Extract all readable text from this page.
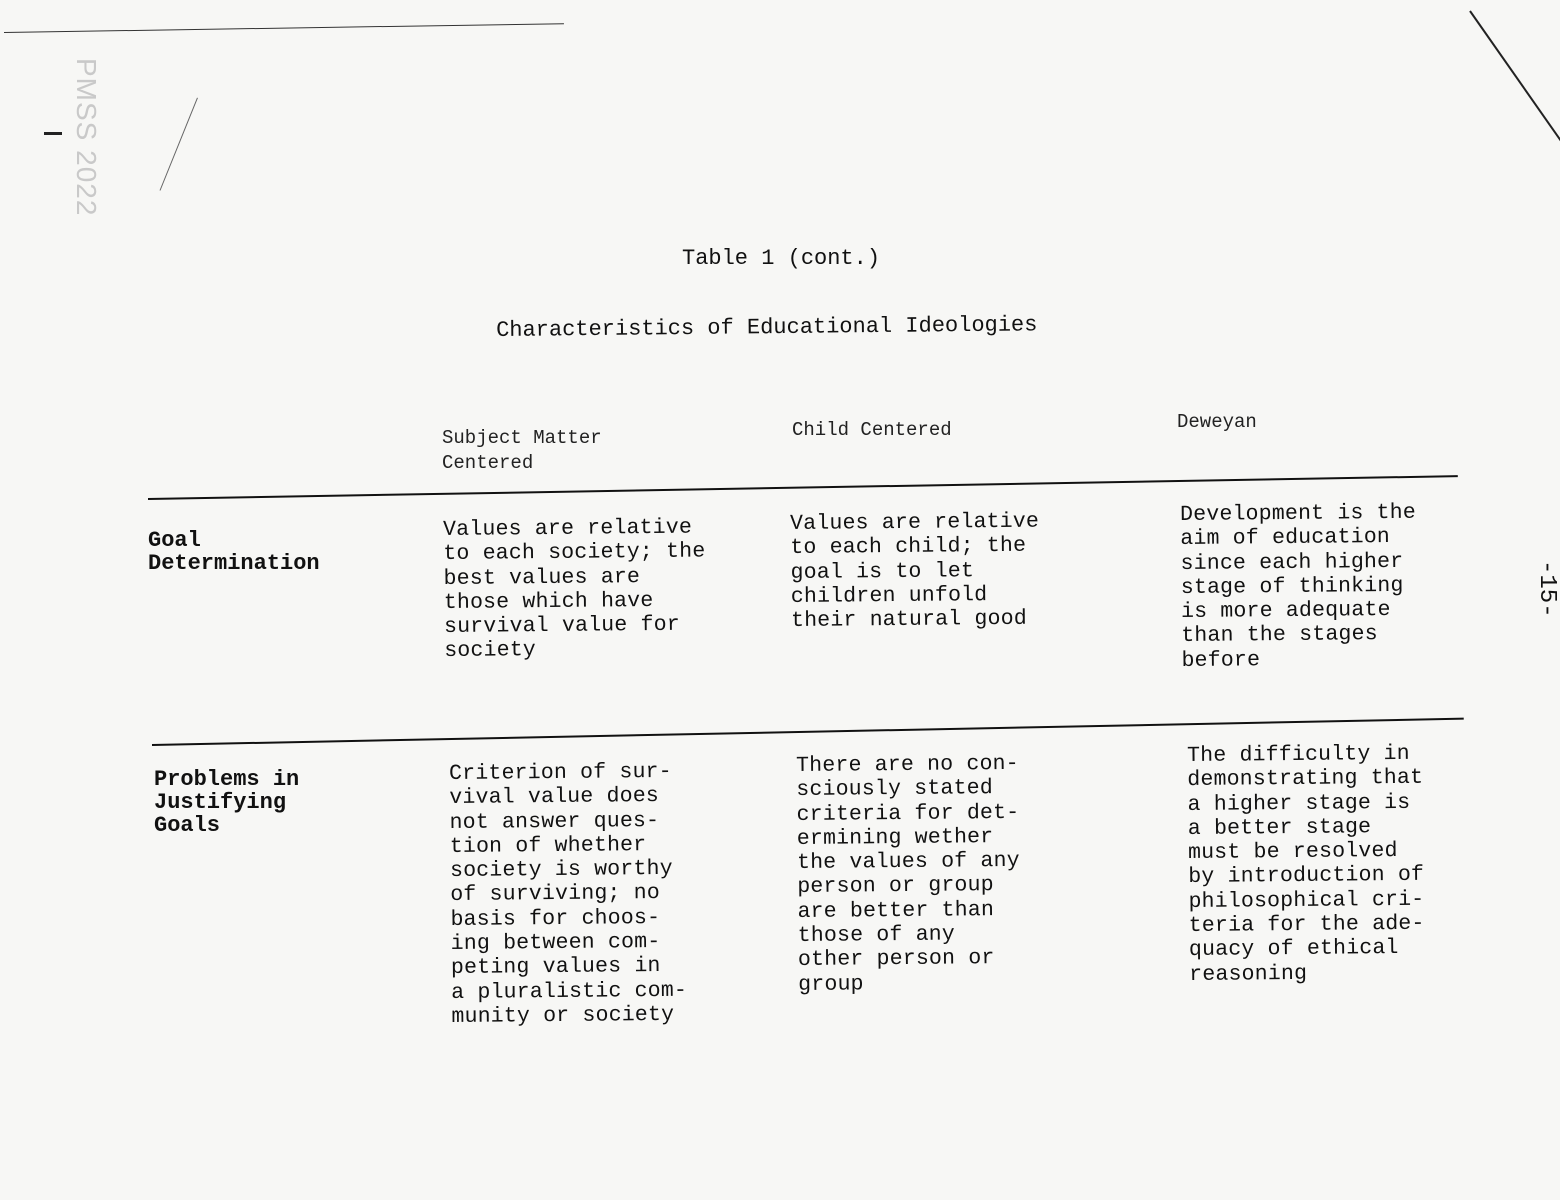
PMSS 2022
-15-
Table 1 (cont.)
Characteristics of Educational Ideologies
Subject Matter
Centered
Child Centered	Deweyan
Goal
Determination
Values are relative
to each society; the
best values are
those which have
survival value for
society
Values are relative
to each child; the
goal is to let
children unfold
their natural good
Development is the
aim of education
since each higher
stage of thinking
is more adequate
than the stages
before
Problems in
Justifying
Goals
Criterion of sur-
vival value does
not answer ques-
tion of whether
society is worthy
of surviving; no
basis for choos-
ing between com-
peting values in
a pluralistic com-
munity or society
There are no con-
sciously stated
criteria for det-
ermining wether
the values of any
person or group
are better than
those of any
other person or
group
The difficulty in
demonstrating that
a higher stage is
a better stage
must be resolved
by introduction of
philosophical cri-
teria for the ade-
quacy of ethical
reasoning
